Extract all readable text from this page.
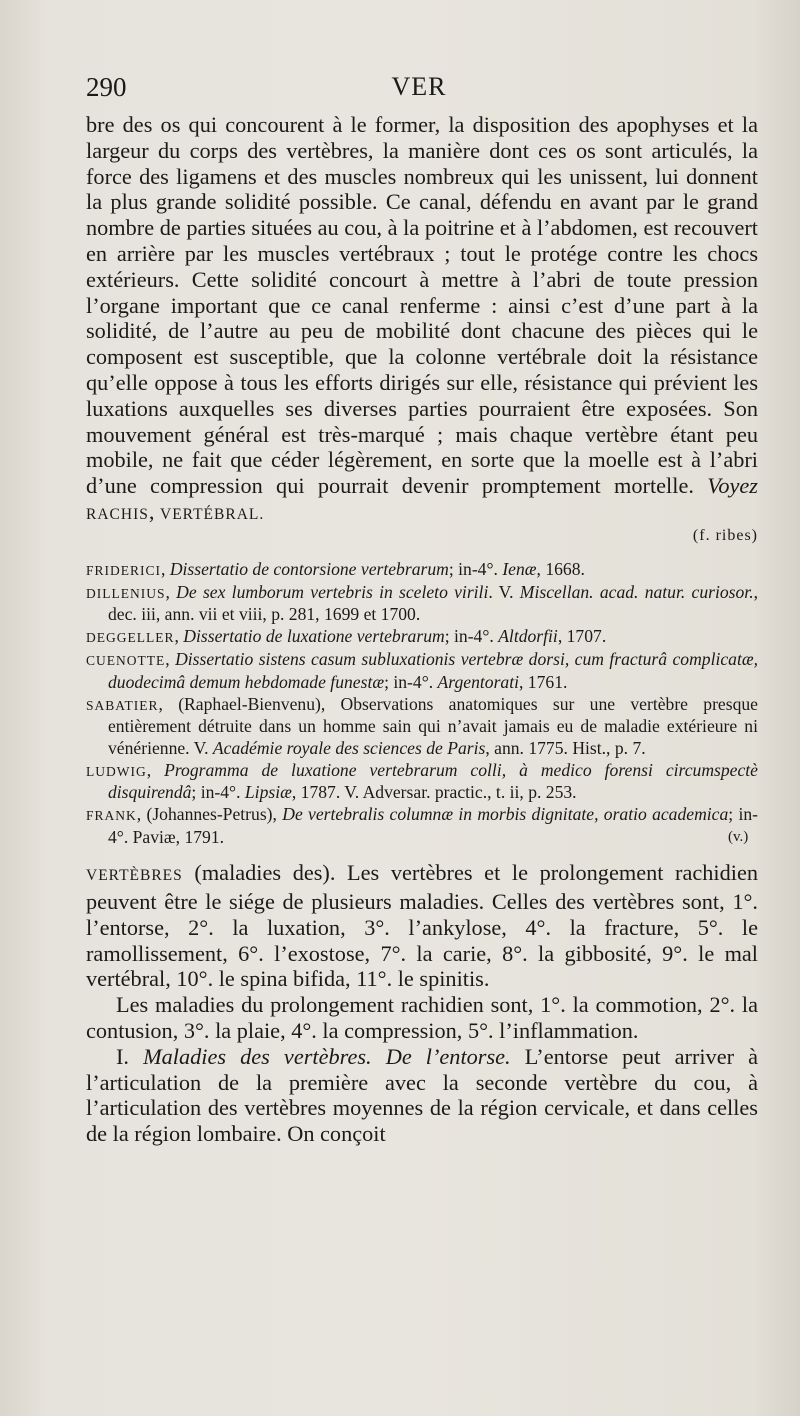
290	VER

bre des os qui concourent à le former, la disposition des apophyses et la largeur du corps des vertèbres, la manière dont ces os sont articulés, la force des ligamens et des muscles nombreux qui les unissent, lui donnent la plus grande solidité possible. Ce canal, défendu en avant par le grand nombre de parties situées au cou, à la poitrine et à l’abdomen, est recouvert en arrière par les muscles vertébraux ; tout le protége contre les chocs extérieurs. Cette solidité concourt à mettre à l’abri de toute pression l’organe important que ce canal renferme : ainsi c’est d’une part à la solidité, de l’autre au peu de mobilité dont chacune des pièces qui le composent est susceptible, que la colonne vertébrale doit la résistance qu’elle oppose à tous les efforts dirigés sur elle, résistance qui prévient les luxations auxquelles ses diverses parties pourraient être exposées. Son mouvement général est très-marqué ; mais chaque vertèbre étant peu mobile, ne fait que céder légèrement, en sorte que la moelle est à l’abri d’une compression qui pourrait devenir promptement mortelle. Voyez RACHIS, VERTÉBRAL.

(f. ribes)

FRIDERICI, Dissertatio de contorsione vertebrarum; in-4°. Ienæ, 1668.

DILLENIUS, De sex lumborum vertebris in sceleto virili. V. Miscellan. acad. natur. curiosor., dec. iii, ann. vii et viii, p. 281, 1699 et 1700.

DEGGELLER, Dissertatio de luxatione vertebrarum; in-4°. Altdorfii, 1707.

CUENOTTE, Dissertatio sistens casum subluxationis vertebræ dorsi, cum fracturâ complicatæ, duodecimâ demum hebdomade funestæ; in-4°. Argentorati, 1761.

SABATIER, (Raphael-Bienvenu), Observations anatomiques sur une vertèbre presque entièrement détruite dans un homme sain qui n’avait jamais eu de maladie extérieure ni vénérienne. V. Académie royale des sciences de Paris, ann. 1775. Hist., p. 7.

LUDWIG, Programma de luxatione vertebrarum colli, à medico forensi circumspectè disquirendâ; in-4°. Lipsiæ, 1787. V. Adversar. practic., t. ii, p. 253.

FRANK, (Johannes-Petrus), De vertebralis columnæ in morbis dignitate, oratio academica; in-4°. Paviæ, 1791.	(v.)

VERTÈBRES (maladies des). Les vertèbres et le prolongement rachidien peuvent être le siége de plusieurs maladies. Celles des vertèbres sont, 1°. l’entorse, 2°. la luxation, 3°. l’ankylose, 4°. la fracture, 5°. le ramollissement, 6°. l’exostose, 7°. la carie, 8°. la gibbosité, 9°. le mal vertébral, 10°. le spina bifida, 11°. le spinitis.

Les maladies du prolongement rachidien sont, 1°. la commotion, 2°. la contusion, 3°. la plaie, 4°. la compression, 5°. l’inflammation.

I. Maladies des vertèbres. De l’entorse. L’entorse peut arriver à l’articulation de la première avec la seconde vertèbre du cou, à l’articulation des vertèbres moyennes de la région cervicale, et dans celles de la région lombaire. On conçoit
